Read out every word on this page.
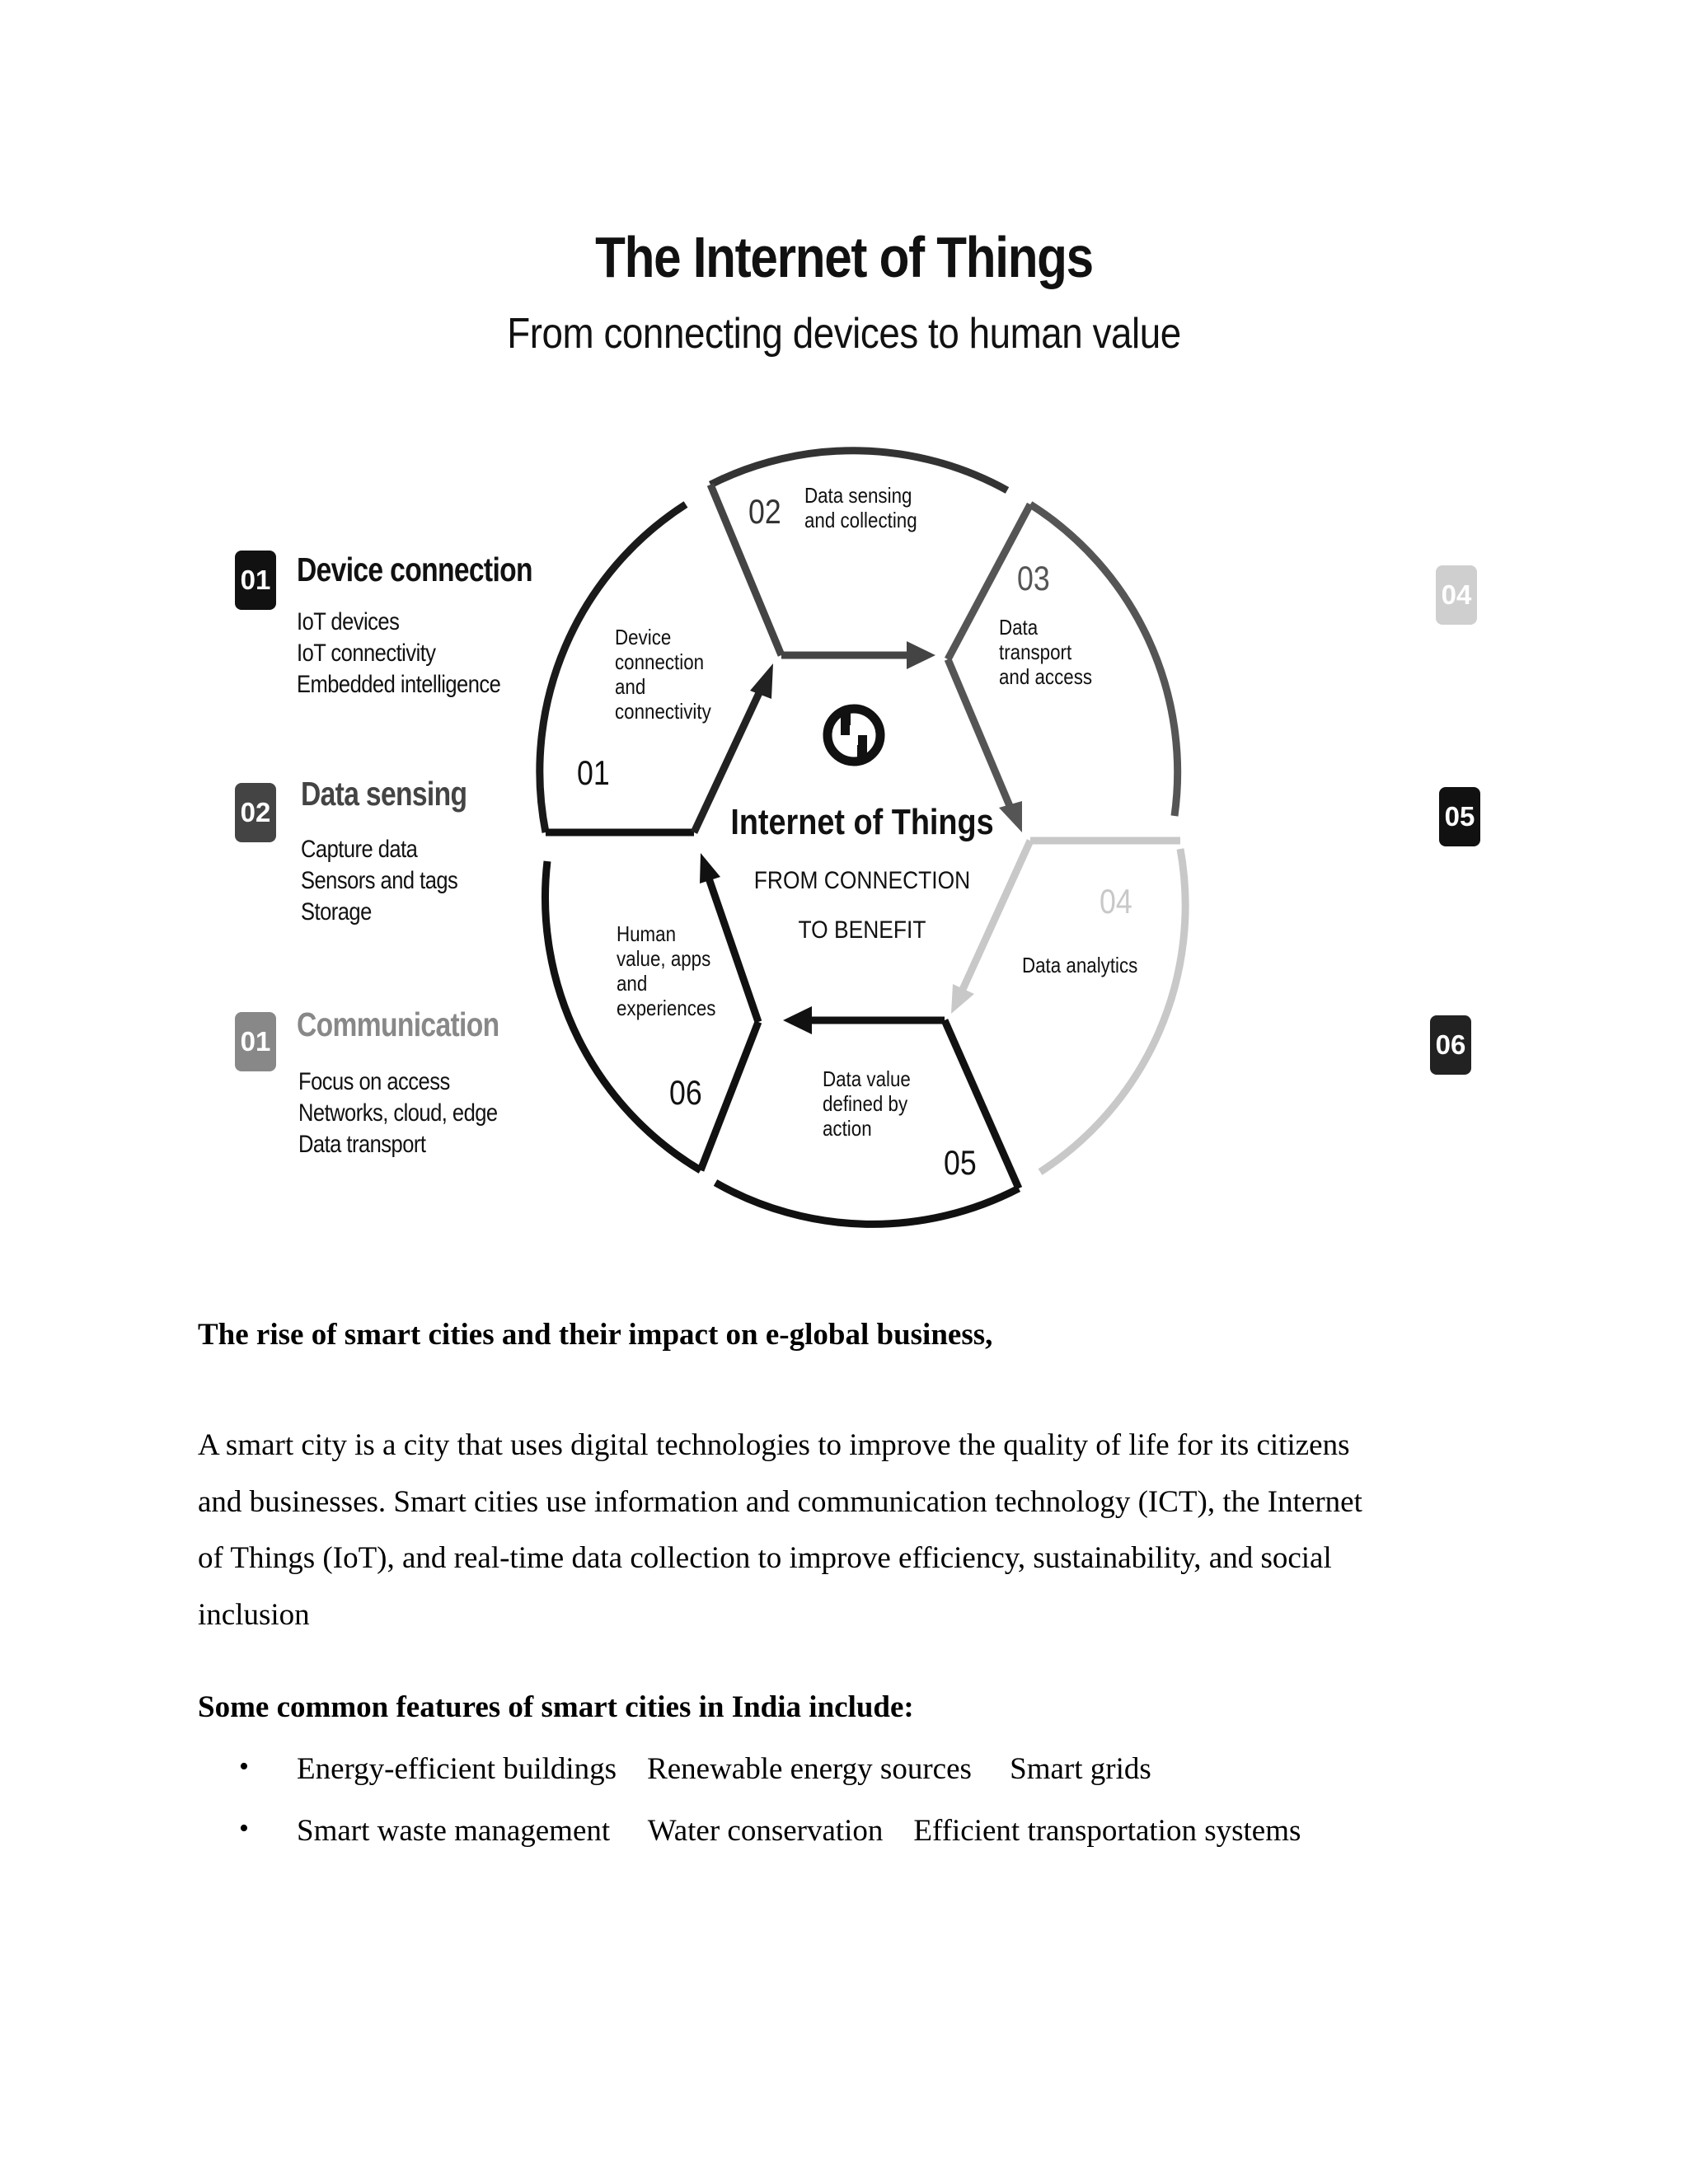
The Internet of Things
From connecting devices to human value
Internet of Things
FROM CONNECTION
TO BENEFIT
01
02
03
04
05
06
Device
connection
and
connectivity
Data sensing
and collecting
Data
transport
and access
Data analytics
Data value
defined by
action
Human
value, apps
and
experiences
01 Device connection
IoT devices
IoT connectivity
Embedded intelligence
02 Data sensing
Capture data
Sensors and tags
Storage
01 Communication
Focus on access
Networks, cloud, edge
Data transport
04
05
06
The rise of smart cities and their impact on e-global business,
A smart city is a city that uses digital technologies to improve the quality of life for its citizens
and businesses. Smart cities use information and communication technology (ICT), the Internet
of Things (IoT), and real-time data collection to improve efficiency, sustainability, and social
inclusion
Some common features of smart cities in India include:
• Energy-efficient buildings    Renewable energy sources     Smart grids
• Smart waste management     Water conservation    Efficient transportation systems
